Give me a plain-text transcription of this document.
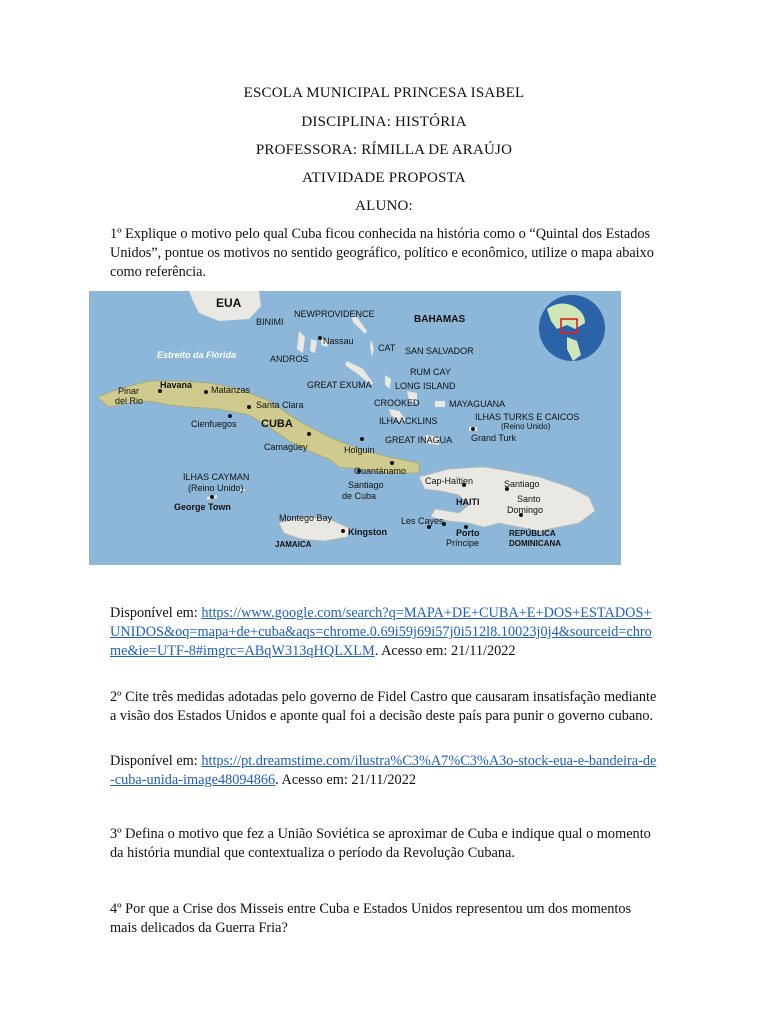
ESCOLA MUNICIPAL PRINCESA ISABEL
DISCIPLINA: HISTÓRIA
PROFESSORA: RÍMILLA DE ARAÚJO
ATIVIDADE PROPOSTA
ALUNO:
1º Explique o motivo pelo qual Cuba ficou conhecida na história como o “Quintal dos Estados Unidos”, pontue os motivos no sentido geográfico, político e econômico, utilize o mapa abaixo como referência.
EUA
BINIMI
NEWPROVIDENCE	BAHAMAS
Nassau
CAT SAN SALVADOR
ANDROS
RUM CAY
Estreito da Flórida
GREAT EXUMA	LONG ISLAND
Pinar
del Rio
Havana Matanzas
CROOKED	MAYAGUANA
Santa Clara
ILHAS TURKS E CAICOS
(Reino Unido)
ILHAACKLINS
Cienfuegos CUBA
Grand Turk
GREAT INAGUA
Camagüey	Holguin
Guantánamo
ILHAS CAYMAN
(Reino Unido)
Cap-Haïtien	Santiago
Santiago
de Cuba
HAITI	Santo
Domingo
George Town
Montego Bay	Les Cayes
Porto
Príncipe
REPÚBLICA
DOMINICANA
Kingston
JAMAICA
Disponível em: https://www.google.com/search?q=MAPA+DE+CUBA+E+DOS+ESTADOS+UNIDOS&oq=mapa+de+cuba&aqs=chrome.0.69i59j69i57j0i512l8.10023j0j4&sourceid=chrome&ie=UTF-8#imgrc=ABqW313qHQLXLM. Acesso em: 21/11/2022
2º Cite três medidas adotadas pelo governo de Fidel Castro que causaram insatisfação mediante a visão dos Estados Unidos e aponte qual foi a decisão deste país para punir o governo cubano.
Disponível em: https://pt.dreamstime.com/ilustra%C3%A7%C3%A3o-stock-eua-e-bandeira-de-cuba-unida-image48094866. Acesso em: 21/11/2022
3º Defina o motivo que fez a União Soviética se aproximar de Cuba e indique qual o momento da história mundial que contextualiza o período da Revolução Cubana.
4º Por que a Crise dos Misseis entre Cuba e Estados Unidos representou um dos momentos mais delicados da Guerra Fria?
